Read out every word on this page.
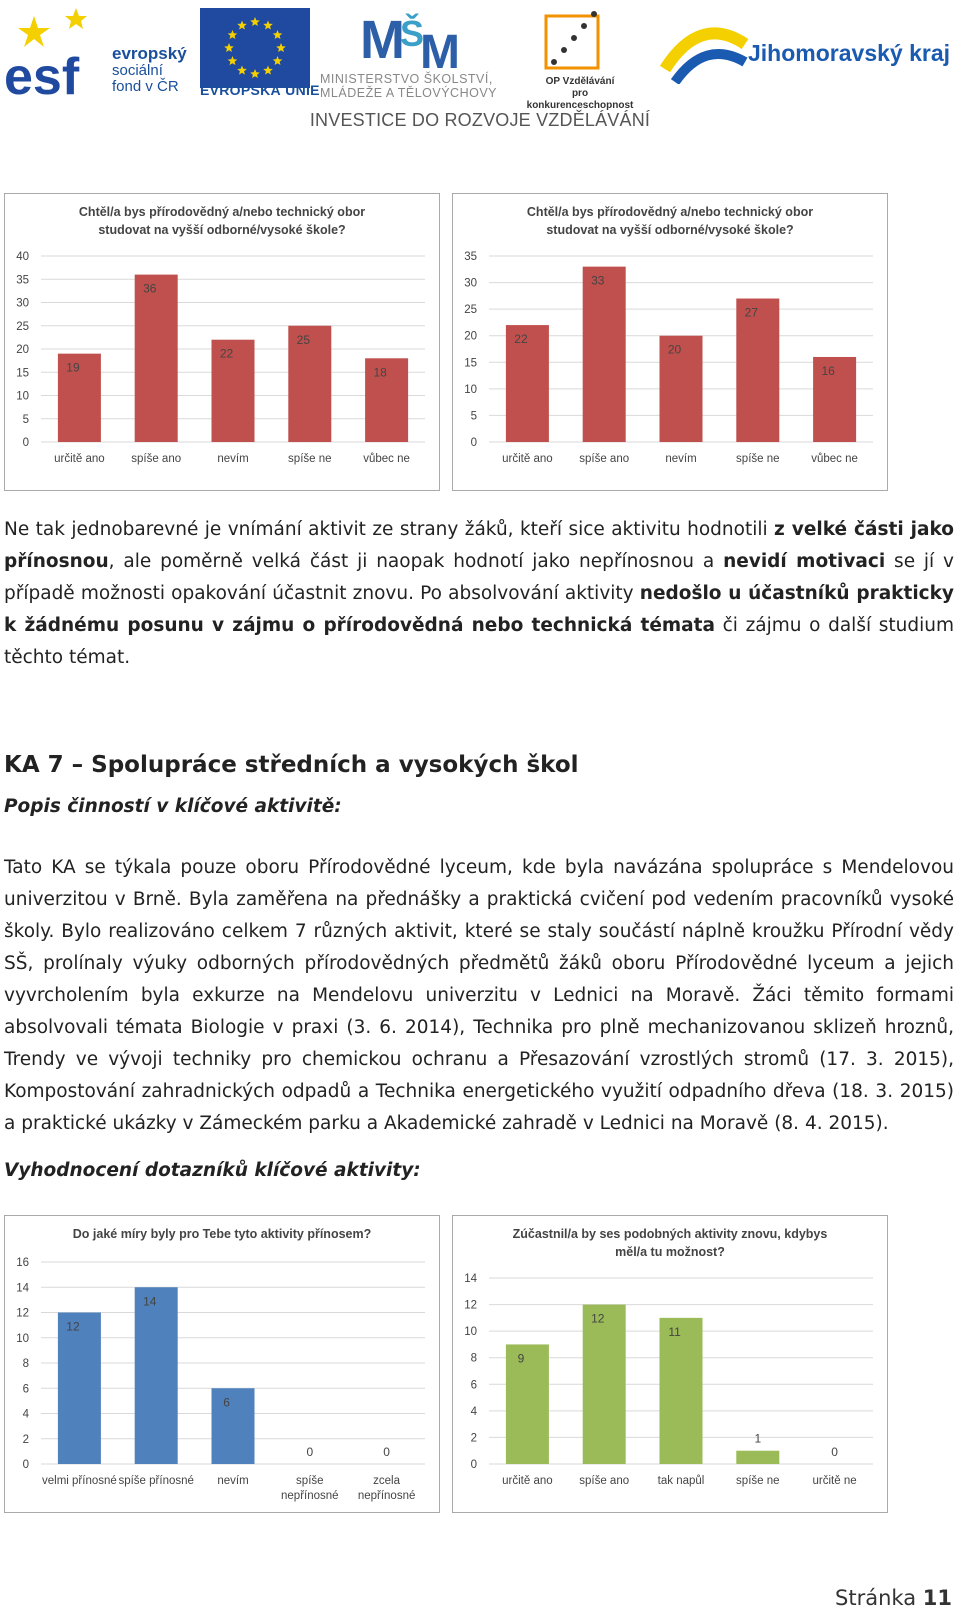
esf evropský
sociální
fond v ČR	EVROPSKÁ UNIE
M
Š
M
MINISTERSTVO ŠKOLSTVÍ,
MLÁDEŽE A TĚLOVÝCHOVY
OP Vzdělávání
pro konkurenceschopnost
Jihomoravský kraj
INVESTICE DO ROZVOJE VZDĚLÁVÁNÍ
Chtěl/a bys přírodovědný a/nebo technický obor
studovat na vyšší odborné/vysoké škole?
0
5
10
15
20
25
30
35
40
19
určitě ano
36
spíše ano
22
nevím
25
spíše ne
18
vůbec ne
Chtěl/a bys přírodovědný a/nebo technický obor
studovat na vyšší odborné/vysoké škole?
0
5
10
15
20
25
30
35
22
určitě ano
33
spíše ano
20
nevím
27
spíše ne
16
vůbec ne
Ne tak jednobarevné je vnímání aktivit ze strany žáků, kteří sice aktivitu hodnotili z velké části jako přínosnou, ale poměrně velká část ji naopak hodnotí jako nepřínosnou a nevidí motivaci se jí v případě možnosti opakování účastnit znovu. Po absolvování aktivity nedošlo u účastníků prakticky k žádnému posunu v zájmu o přírodovědná nebo technická témata či zájmu o další studium těchto témat.
KA 7 – Spolupráce středních a vysokých škol
Popis činností v klíčové aktivitě:
Tato KA se týkala pouze oboru Přírodovědné lyceum, kde byla navázána spolupráce s Mendelovou univerzitou v Brně. Byla zaměřena na přednášky a praktická cvičení pod vedením pracovníků vysoké školy. Bylo realizováno celkem 7 různých aktivit, které se staly součástí náplně kroužku Přírodní vědy SŠ, prolínaly výuky odborných přírodovědných předmětů žáků oboru Přírodovědné lyceum a jejich vyvrcholením byla exkurze na Mendelovu univerzitu v Lednici na Moravě. Žáci těmito formami absolvovali témata Biologie v praxi (3. 6. 2014), Technika pro plně mechanizovanou sklizeň hroznů, Trendy ve vývoji techniky pro chemickou ochranu a Přesazování vzrostlých stromů (17. 3. 2015), Kompostování zahradnických odpadů a Technika energetického využití odpadního dřeva (18. 3. 2015) a praktické ukázky v Zámeckém parku a Akademické zahradě v Lednici na Moravě (8. 4. 2015).
Vyhodnocení dotazníků klíčové aktivity:
Do jaké míry byly pro Tebe tyto aktivity přínosem?
0
2
4
6
8
10
12
14
16
12
velmi přínosné
14
spíše přínosné
6
nevím
0
spíše
nepřínosné
0
zcela
nepřínosné
Zúčastnil/a by ses podobných aktivity znovu, kdybys
měl/a tu možnost?
0
2
4
6
8
10
12
14
9
určitě ano
12
spíše ano
11
tak napůl
1
spíše ne
0
určitě ne
Stránka 11
